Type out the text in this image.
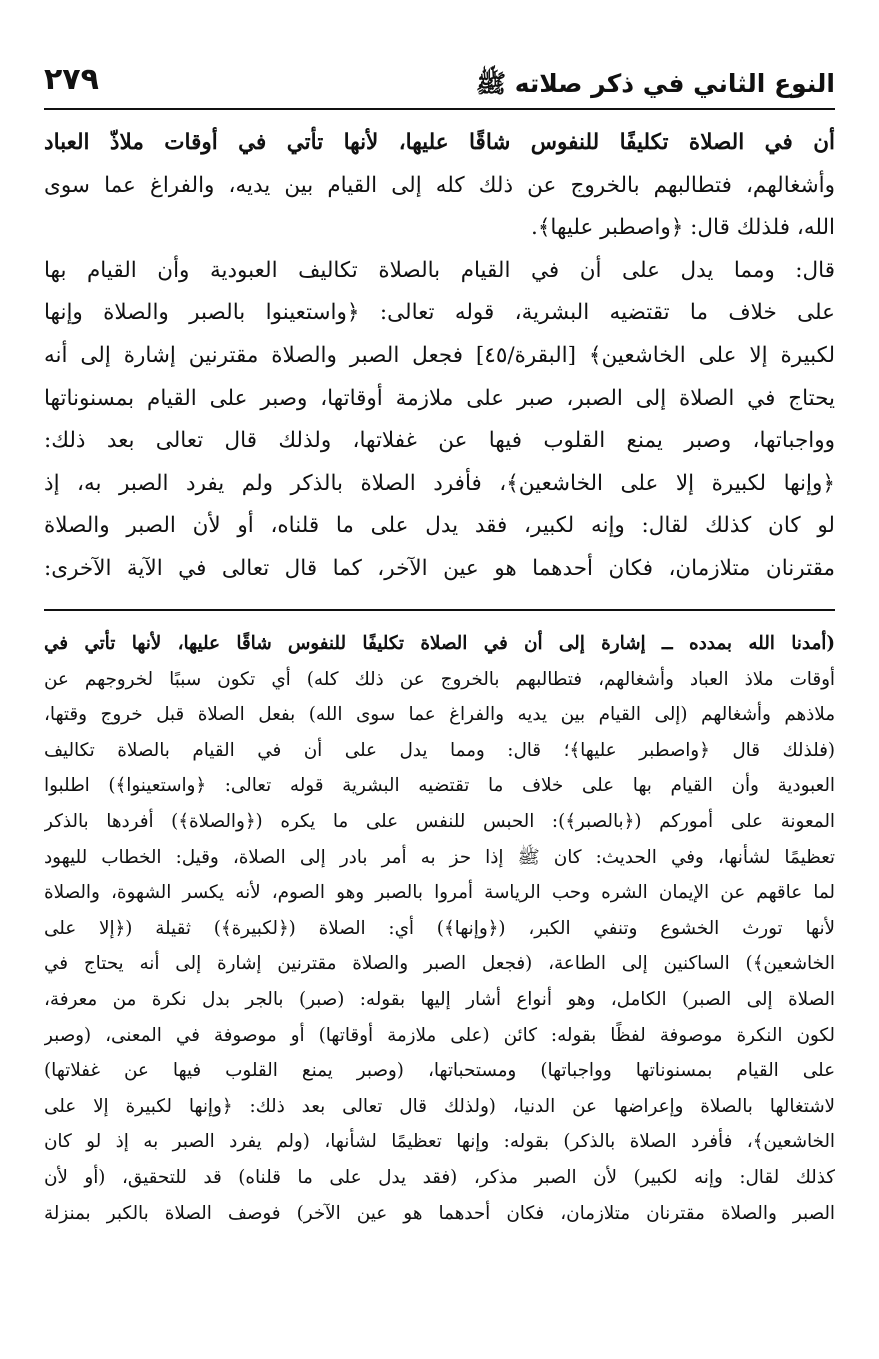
٢٧٩	النوع الثاني في ذكر صلاته ﷺ
أن في الصلاة تكليفًا للنفوس شاقًا عليها، لأنها تأتي في أوقات ملاذّ العباد
وأشغالهم، فتطالبهم بالخروج عن ذلك كله إلى القيام بين يديه، والفراغ عما سوى
الله، فلذلك قال: ﴿واصطبر عليها﴾.
قال: ومما يدل على أن في القيام بالصلاة تكاليف العبودية وأن القيام بها
على خلاف ما تقتضيه البشرية، قوله تعالى: ﴿واستعينوا بالصبر والصلاة وإنها
لكبيرة إلا على الخاشعين﴾ [البقرة/٤٥] فجعل الصبر والصلاة مقترنين إشارة إلى أنه
يحتاج في الصلاة إلى الصبر، صبر على ملازمة أوقاتها، وصبر على القيام بمسنوناتها
وواجباتها، وصبر يمنع القلوب فيها عن غفلاتها، ولذلك قال تعالى بعد ذلك:
﴿وإنها لكبيرة إلا على الخاشعين﴾، فأفرد الصلاة بالذكر ولم يفرد الصبر به، إذ
لو كان كذلك لقال: وإنه لكبير، فقد يدل على ما قلناه، أو لأن الصبر والصلاة
مقترنان متلازمان، فكان أحدهما هو عين الآخر، كما قال تعالى في الآية الآخرى:
(أمدنا الله بمدده ــ إشارة إلى أن في الصلاة تكليفًا للنفوس شاقًا عليها، لأنها تأتي في
أوقات ملاذ العباد وأشغالهم، فتطالبهم بالخروج عن ذلك كله) أي تكون سببًا لخروجهم عن
ملاذهم وأشغالهم (إلى القيام بين يديه والفراغ عما سوى الله) بفعل الصلاة قبل خروج وقتها،
(فلذلك قال ﴿واصطبر عليها﴾؛ قال: ومما يدل على أن في القيام بالصلاة تكاليف
العبودية وأن القيام بها على خلاف ما تقتضيه البشرية قوله تعالى: ﴿واستعينوا﴾) اطلبوا
المعونة على أموركم (﴿بالصبر﴾): الحبس للنفس على ما يكره (﴿والصلاة﴾) أفردها بالذكر
تعظيمًا لشأنها، وفي الحديث: كان ﷺ إذا حز به أمر بادر إلى الصلاة، وقيل: الخطاب لليهود
لما عاقهم عن الإيمان الشره وحب الرياسة أمروا بالصبر وهو الصوم، لأنه يكسر الشهوة، والصلاة
لأنها تورث الخشوع وتنفي الكبر، (﴿وإنها﴾) أي: الصلاة (﴿لكبيرة﴾) ثقيلة (﴿إلا على
الخاشعين﴾) الساكنين إلى الطاعة، (فجعل الصبر والصلاة مقترنين إشارة إلى أنه يحتاج في
الصلاة إلى الصبر) الكامل، وهو أنواع أشار إليها بقوله: (صبر) بالجر بدل نكرة من معرفة،
لكون النكرة موصوفة لفظًا بقوله: كائن (على ملازمة أوقاتها) أو موصوفة في المعنى، (وصبر
على القيام بمسنوناتها وواجباتها) ومستحباتها، (وصبر يمنع القلوب فيها عن غفلاتها)
لاشتغالها بالصلاة وإعراضها عن الدنيا، (ولذلك قال تعالى بعد ذلك: ﴿وإنها لكبيرة إلا على
الخاشعين﴾، فأفرد الصلاة بالذكر) بقوله: وإنها تعظيمًا لشأنها، (ولم يفرد الصبر به إذ لو كان
كذلك لقال: وإنه لكبير) لأن الصبر مذكر، (فقد يدل على ما قلناه) قد للتحقيق، (أو لأن
الصبر والصلاة مقترنان متلازمان، فكان أحدهما هو عين الآخر) فوصف الصلاة بالكبر بمنزلة
